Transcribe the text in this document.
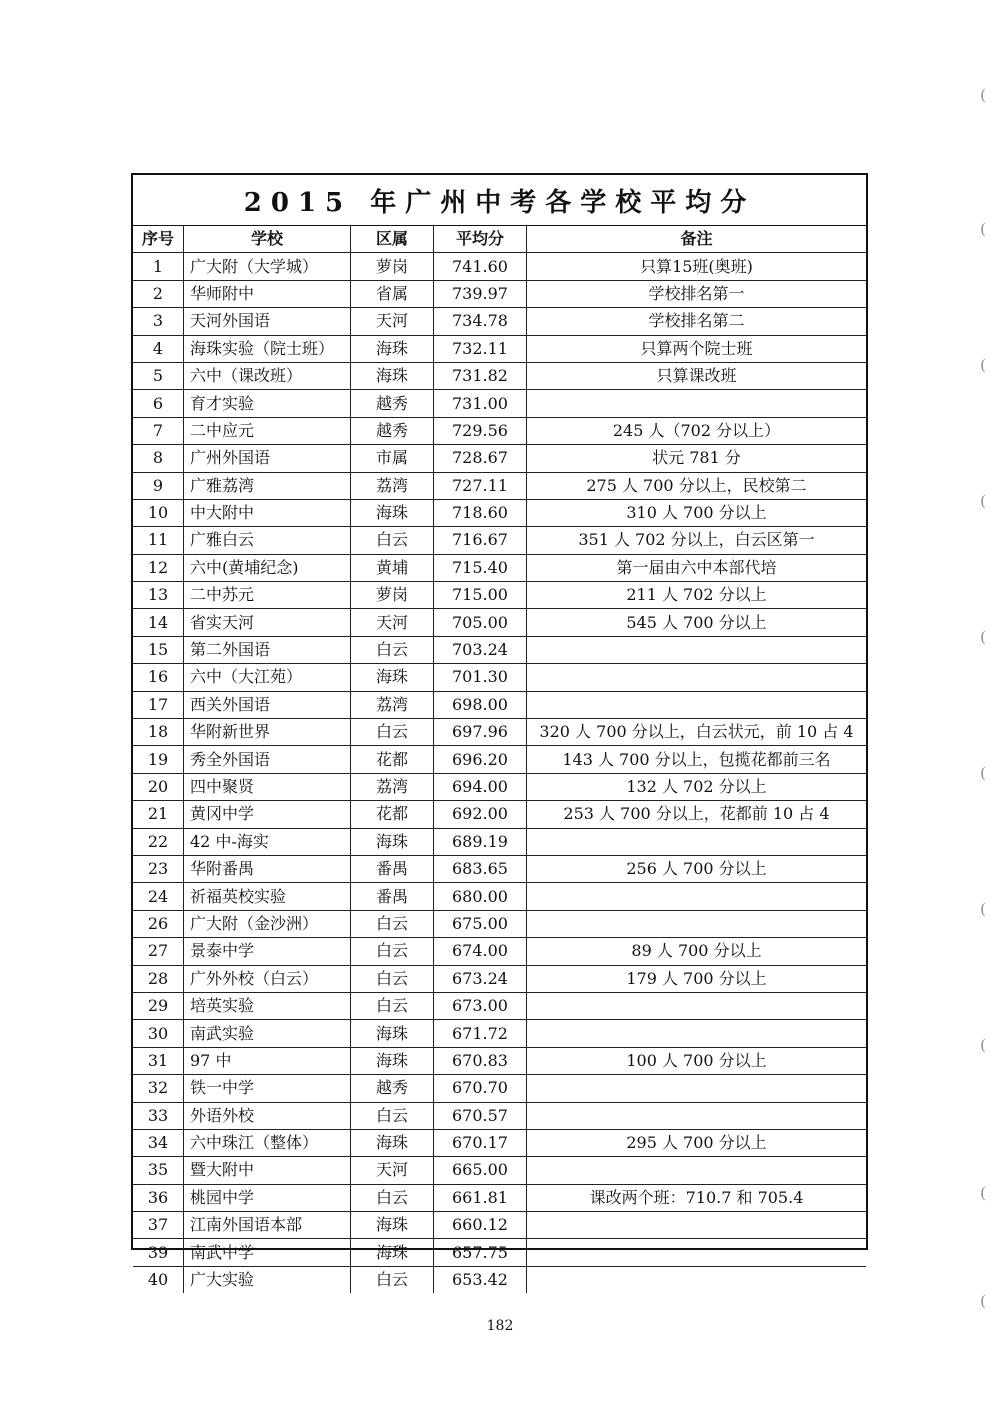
2015 年广州中考各学校平均分
序号	学校	区属	平均分	备注
1	广大附（大学城）	萝岗	741.60	只算15班(奥班)
2	华师附中	省属	739.97	学校排名第一
3	天河外国语	天河	734.78	学校排名第二
4	海珠实验（院士班）	海珠	732.11	只算两个院士班
5	六中（课改班）	海珠	731.82	只算课改班
6	育才实验	越秀	731.00	
7	二中应元	越秀	729.56	245 人（702 分以上）
8	广州外国语	市属	728.67	状元 781 分
9	广雅荔湾	荔湾	727.11	275 人 700 分以上，民校第二
10	中大附中	海珠	718.60	310 人 700 分以上
11	广雅白云	白云	716.67	351 人 702 分以上，白云区第一
12	六中(黄埔纪念)	黄埔	715.40	第一届由六中本部代培
13	二中苏元	萝岗	715.00	211 人 702 分以上
14	省实天河	天河	705.00	545 人 700 分以上
15	第二外国语	白云	703.24	
16	六中（大江苑）	海珠	701.30	
17	西关外国语	荔湾	698.00	
18	华附新世界	白云	697.96	320 人 700 分以上，白云状元，前 10 占 4
19	秀全外国语	花都	696.20	143 人 700 分以上，包揽花都前三名
20	四中聚贤	荔湾	694.00	132 人 702 分以上
21	黄冈中学	花都	692.00	253 人 700 分以上，花都前 10 占 4
22	42 中-海实	海珠	689.19	
23	华附番禺	番禺	683.65	256 人 700 分以上
24	祈福英校实验	番禺	680.00	
26	广大附（金沙洲）	白云	675.00	
27	景泰中学	白云	674.00	89 人 700 分以上
28	广外外校（白云）	白云	673.24	179 人 700 分以上
29	培英实验	白云	673.00	
30	南武实验	海珠	671.72	
31	97 中	海珠	670.83	100 人 700 分以上
32	铁一中学	越秀	670.70	
33	外语外校	白云	670.57	
34	六中珠江（整体）	海珠	670.17	295 人 700 分以上
35	暨大附中	天河	665.00	
36	桃园中学	白云	661.81	课改两个班：710.7 和 705.4
37	江南外国语本部	海珠	660.12	
39	南武中学	海珠	657.75	
40	广大实验	白云	653.42	
182
(
(
(
(
(
(
(
(
(
(
